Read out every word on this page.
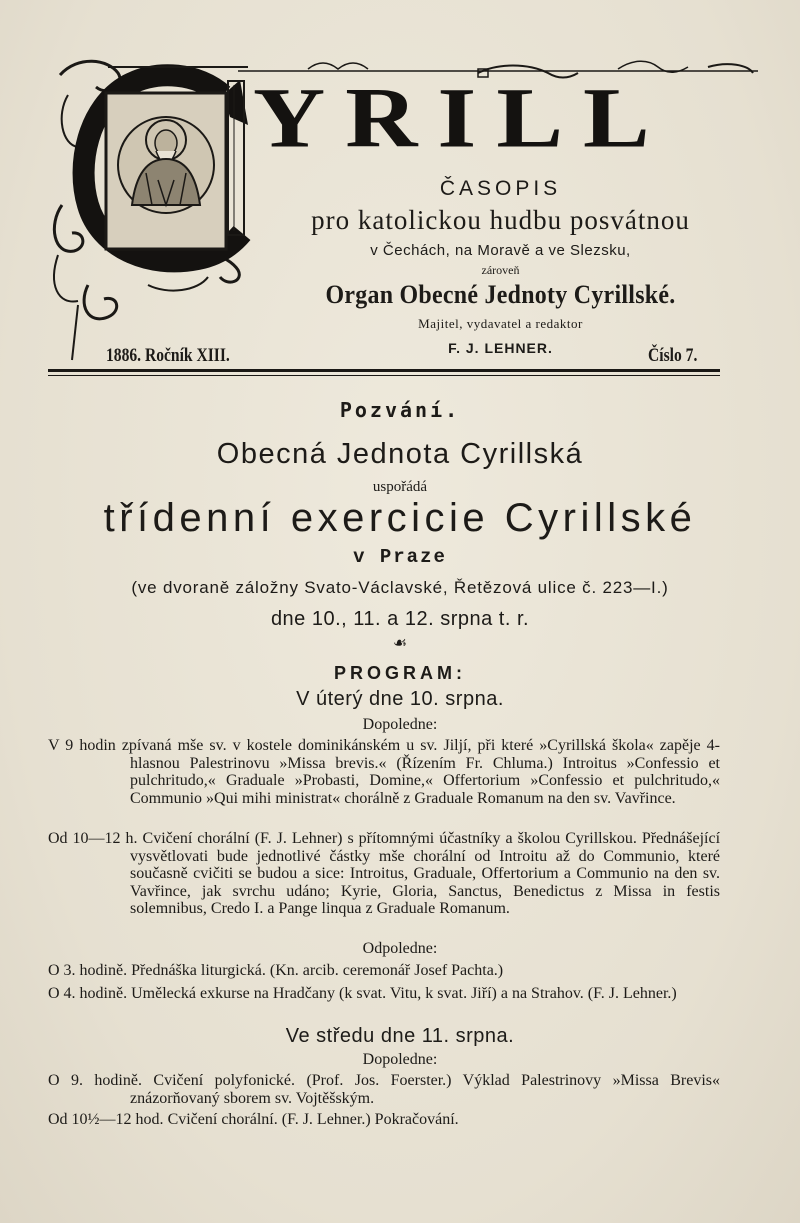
YRILL
ČASOPIS
pro katolickou hudbu posvátnou
v Čechách, na Moravě a ve Slezsku,
zároveň
Organ Obecné Jednoty Cyrillské.
Majitel, vydavatel a redaktor
F. J. LEHNER.
1886. Ročník XIII.	Číslo 7.
Pozvání.
Obecná Jednota Cyrillská
uspořádá
třídenní exercicie Cyrillské
v Praze
(ve dvoraně záložny Svato-Václavské, Řetězová ulice č. 223—I.)
dne 10., 11. a 12. srpna t. r.
☙
PROGRAM:
V úterý dne 10. srpna.
Dopoledne:
V 9 hodin zpívaná mše sv. v kostele dominikánském u sv. Jiljí, při které »Cyrillská škola« zapěje 4-hlasnou Palestrinovu »Missa brevis.« (Řízením Fr. Chluma.) Introitus »Confessio et pulchritudo,« Graduale »Probasti, Domine,« Offertorium »Confessio et pulchritudo,« Communio »Qui mihi ministrat« chorálně z Graduale Romanum na den sv. Vavřince.
Od 10—12 h. Cvičení chorální (F. J. Lehner) s přítomnými účastníky a školou Cyrillskou. Přednášející vysvětlovati bude jednotlivé částky mše chorální od Introitu až do Communio, které současně cvičiti se budou a sice: Introitus, Graduale, Offertorium a Communio na den sv. Vavřince, jak svrchu udáno; Kyrie, Gloria, Sanctus, Benedictus z Missa in festis solemnibus, Credo I. a Pange linqua z Graduale Romanum.
Odpoledne:
O 3. hodině. Přednáška liturgická. (Kn. arcib. ceremonář Josef Pachta.)
O 4. hodině. Umělecká exkurse na Hradčany (k svat. Vitu, k svat. Jiří) a na Strahov. (F. J. Lehner.)
Ve středu dne 11. srpna.
Dopoledne:
O 9. hodině. Cvičení polyfonické. (Prof. Jos. Foerster.) Výklad Palestrinovy »Missa Brevis« znázorňovaný sborem sv. Vojtěšským.
Od 10½—12 hod. Cvičení chorální. (F. J. Lehner.) Pokračování.
